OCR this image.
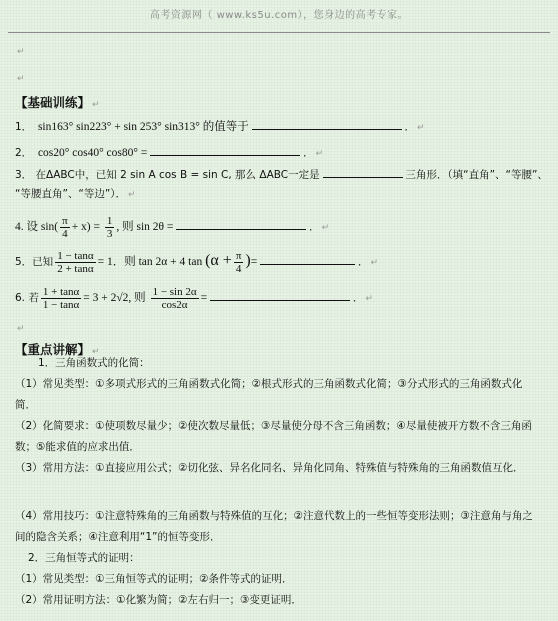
高考资源网（ www.ks5u.com），您身边的高考专家。
↵
↵
【基础训练】 ↵
1． sin163° sin223° + sin 253° sin313° 的值等于	． ↵
2． cos20° cos40° cos80° =	． ↵
3． 在ΔABC中，已知 2 sin A cos B = sin C, 那么 ΔABC一定是	三角形．（填“直角”、“等腰”、
“等腰直角”、“等边”）． ↵
4. 设 $\sin( \frac{\pi}{4} + x) = \frac{1}{3}$ , 则 sin 2θ =	． ↵
5．已知 $\frac{1 - \tan\alpha}{2 + \tan\alpha} = 1$．则 tan 2α + 4 $\tan (\alpha + \frac{\pi}{4}$ )=	． ↵
6. 若 $\frac{1 + \tan\alpha}{1 - \tan\alpha} = 3 + 2√2$, 则 $\frac{1 - \sin 2\alpha}{\cos 2\alpha}$ =	． ↵
↵
【重点讲解】 ↵
1．三角函数式的化简：
（1）常见类型：①多项式形式的三角函数式化简；②根式形式的三角函数式化简；③分式形式的三角函数式化简．
（2）化简要求：①使项数尽量少；②使次数尽量低；③尽量使分母不含三角函数；④尽量使被开方数不含三角函数；⑤能求值的应求出值．
（3）常用方法：①直接应用公式；②切化弦、异名化同名、异角化同角、特殊值与特殊角的三角函数值互化．
（4）常用技巧：①注意特殊角的三角函数与特殊值的互化；②注意代数上的一些恒等变形法则；③注意角与角之间的隐含关系；④注意利用“1”的恒等变形．
2．三角恒等式的证明：
（1）常见类型：①三角恒等式的证明；②条件等式的证明．
（2）常用证明方法：①化繁为简；②左右归一；③变更证明．
